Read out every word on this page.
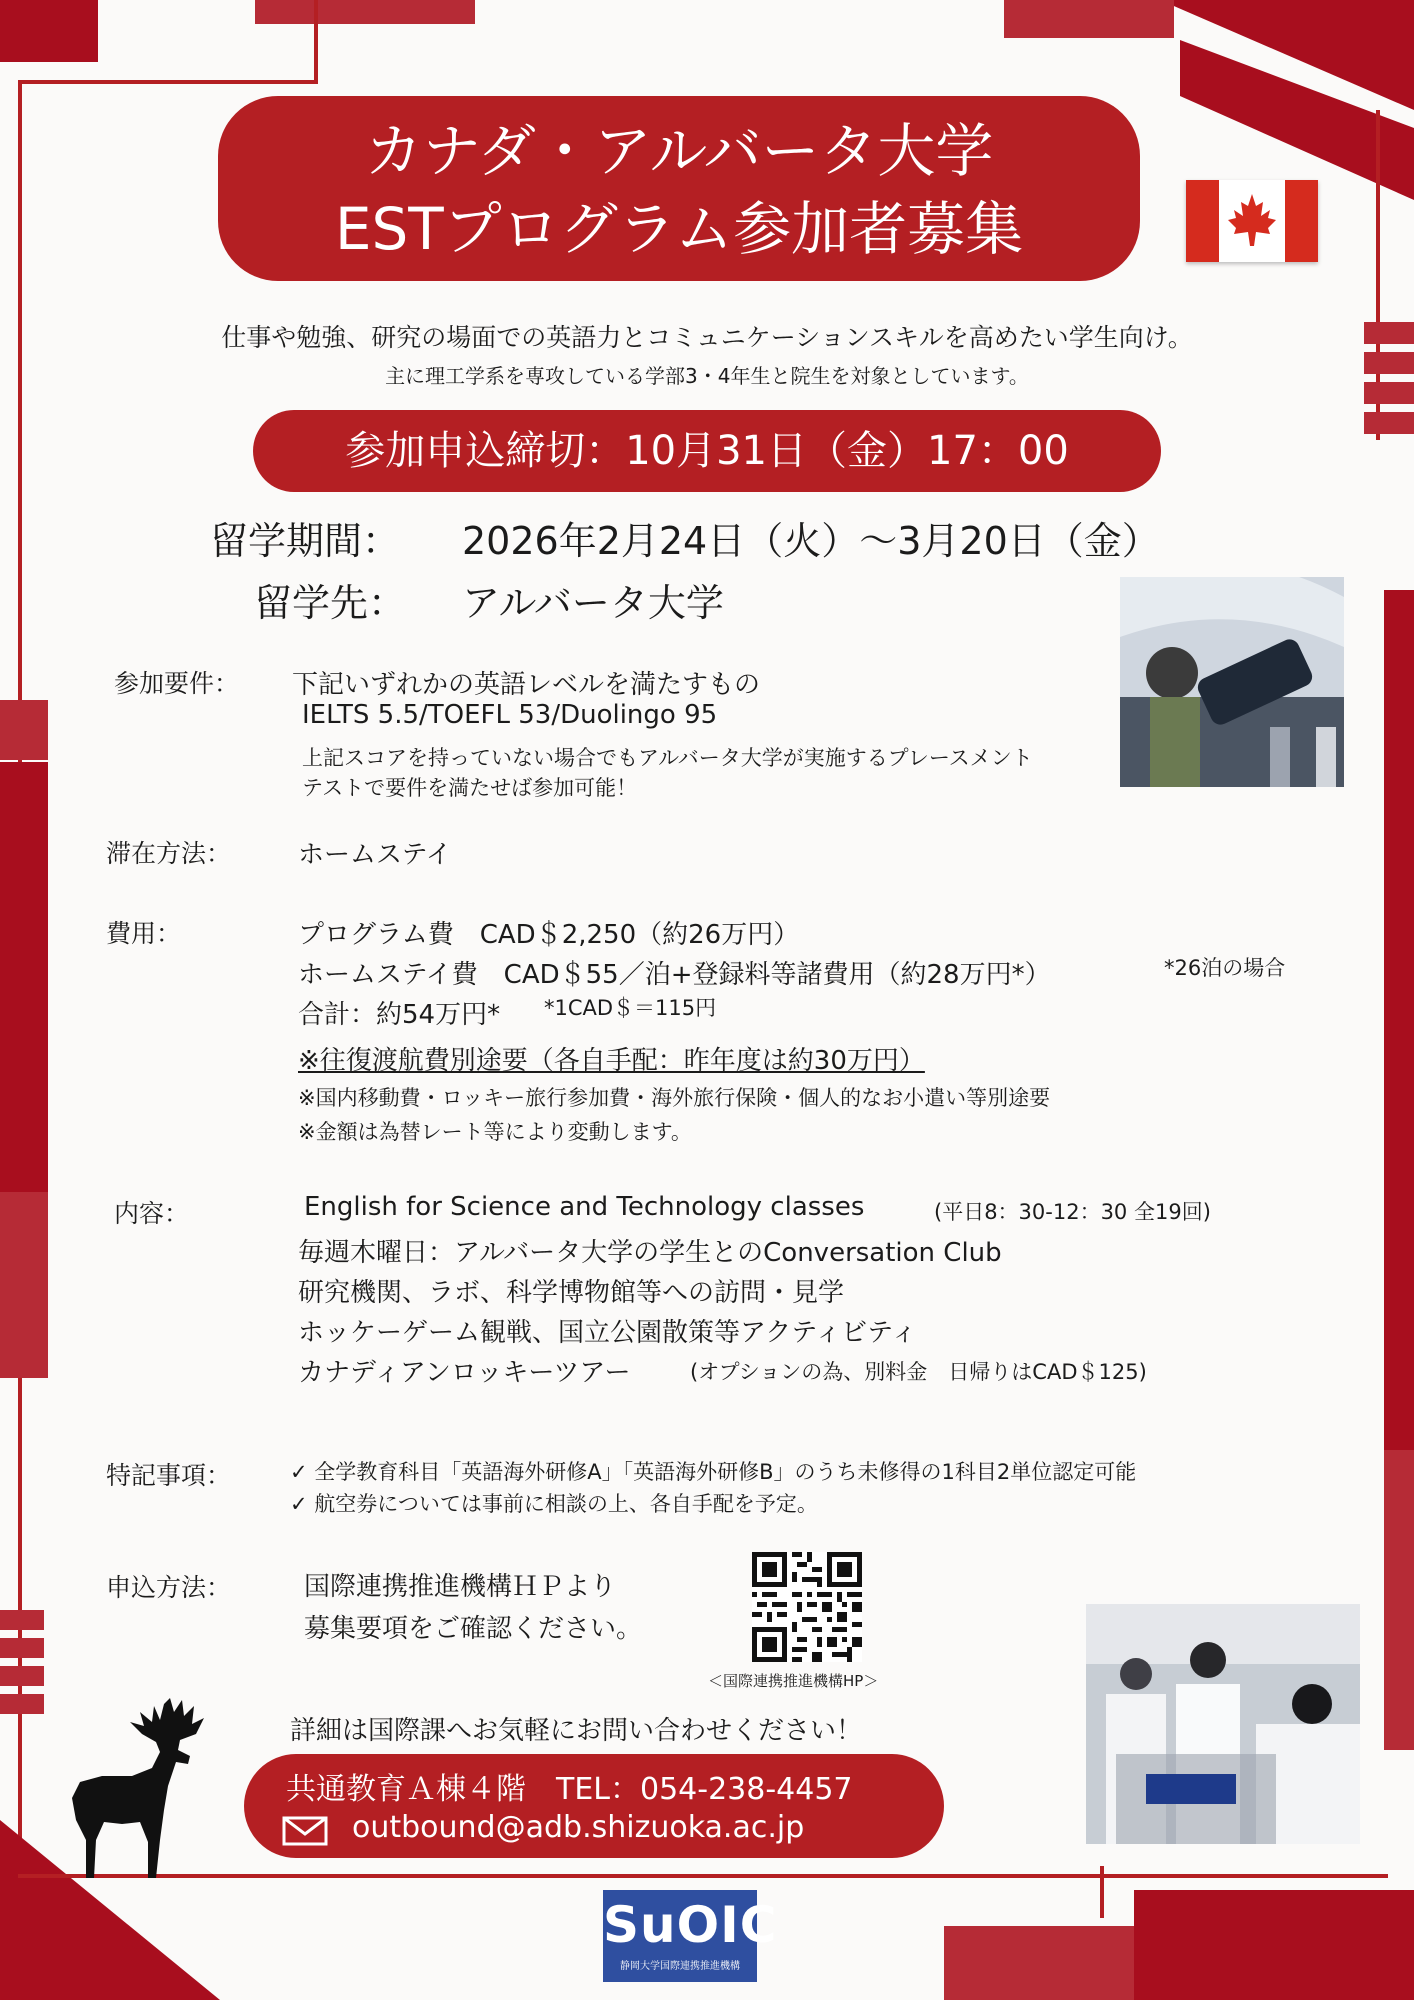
カナダ・アルバータ大学
ESTプログラム参加者募集
仕事や勉強、研究の場面での英語力とコミュニケーションスキルを高めたい学生向け。
主に理工学系を専攻している学部3・4年生と院生を対象としています。
参加申込締切：10月31日（金）17：00
留学期間： 2026年2月24日（火）～3月20日（金）
留学先： アルバータ大学
参加要件： 下記いずれかの英語レベルを満たすもの
IELTS 5.5/TOEFL 53/Duolingo 95
上記スコアを持っていない場合でもアルバータ大学が実施するプレースメント
テストで要件を満たせば参加可能！
滞在方法：	ホームステイ
費用：	プログラム費　CAD＄2,250（約26万円）
ホームステイ費　CAD＄55／泊+登録料等諸費用（約28万円*）	*26泊の場合
合計：約54万円* *1CAD＄＝115円
※往復渡航費別途要（各自手配：昨年度は約30万円）
※国内移動費・ロッキー旅行参加費・海外旅行保険・個人的なお小遣い等別途要
※金額は為替レート等により変動します。
内容：	English for Science and Technology classes	(平日8：30-12：30 全19回)
毎週木曜日：アルバータ大学の学生とのConversation Club
研究機関、ラボ、科学博物館等への訪問・見学
ホッケーゲーム観戦、国立公園散策等アクティビティ
カナディアンロッキーツアー	(オプションの為、別料金　日帰りはCAD＄125)
特記事項：	✓ 全学教育科目「英語海外研修A」「英語海外研修B」のうち未修得の1科目2単位認定可能
✓ 航空券については事前に相談の上、各自手配を予定。
申込方法：	国際連携推進機構ＨＰより
募集要項をご確認ください。
＜国際連携推進機構HP＞
詳細は国際課へお気軽にお問い合わせください！
共通教育Ａ棟４階　TEL：054-238-4457
outbound@adb.shizuoka.ac.jp
SuOIC
静岡大学国際連携推進機構
